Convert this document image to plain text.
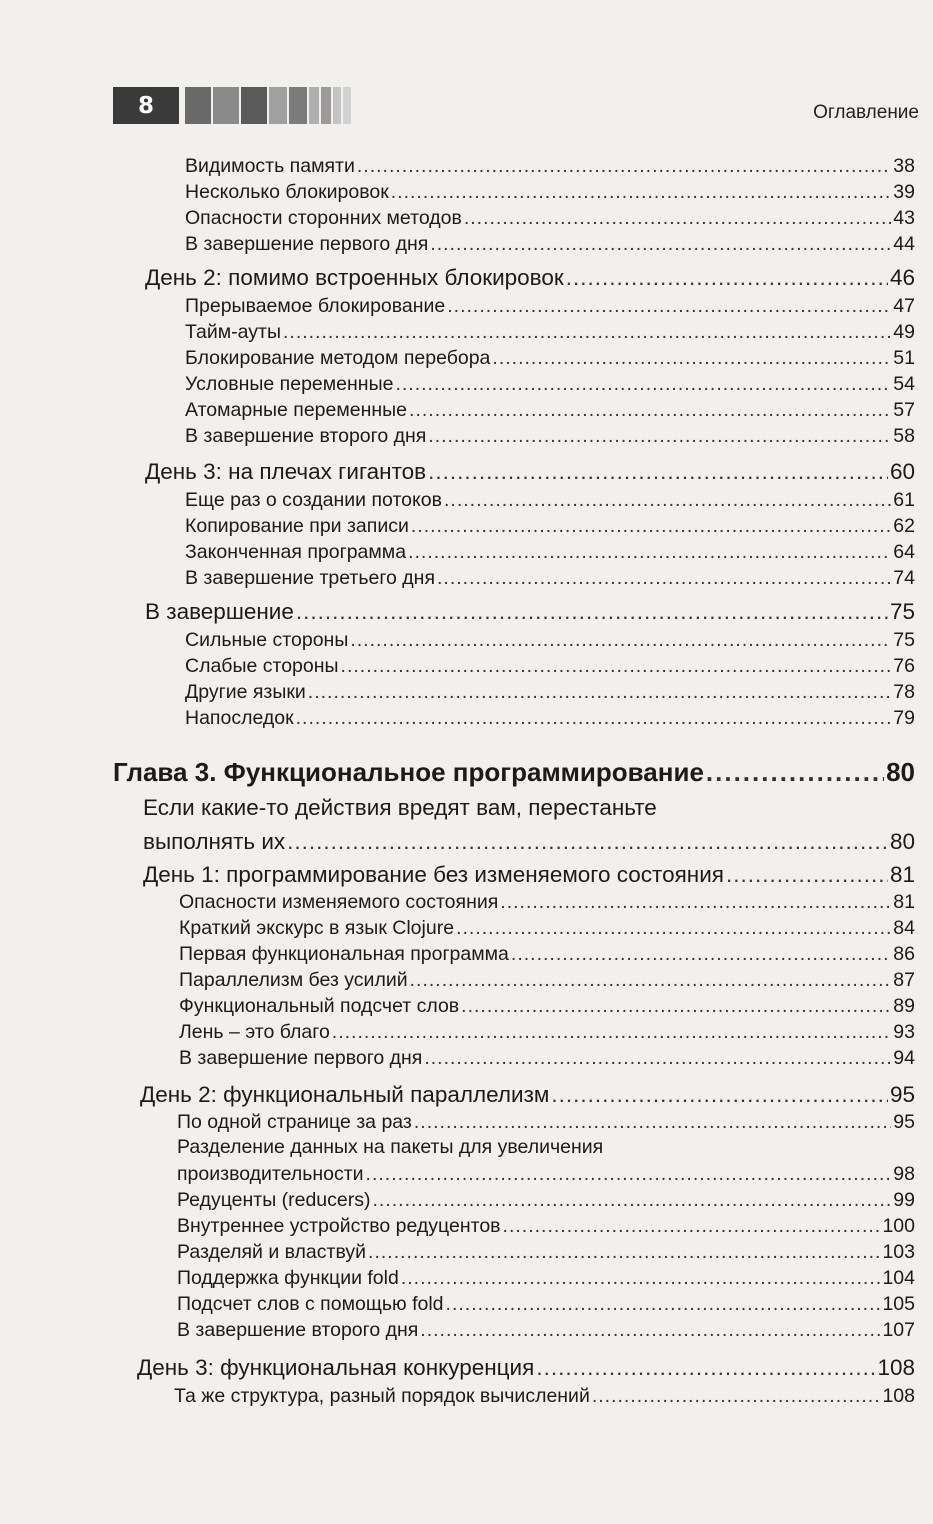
8	Оглавление
Видимость памяти .....	38
Несколько блокировок .....	39
Опасности сторонних методов .....	43
В завершение первого дня .....	44
День 2: помимо встроенных блокировок .....	46
Прерываемое блокирование .....	47
Тайм-ауты .....	49
Блокирование методом перебора .....	51
Условные переменные .....	54
Атомарные переменные .....	57
В завершение второго дня .....	58
День 3: на плечах гигантов .....	60
Еще раз о создании потоков .....	61
Копирование при записи .....	62
Законченная программа .....	64
В завершение третьего дня .....	74
В завершение .....	75
Сильные стороны .....	75
Слабые стороны .....	76
Другие языки .....	78
Напоследок .....	79
Глава 3. Функциональное программирование .....	80
Если какие-то действия вредят вам, перестаньте
выполнять их .....	80
День 1: программирование без изменяемого состояния .....	81
Опасности изменяемого состояния .....	81
Краткий экскурс в язык Clojure .....	84
Первая функциональная программа .....	86
Параллелизм без усилий .....	87
Функциональный подсчет слов .....	89
Лень – это благо .....	93
В завершение первого дня .....	94
День 2: функциональный параллелизм .....	95
По одной странице за раз .....	95
Разделение данных на пакеты для увеличения
производительности .....	98
Редуценты (reducers) .....	99
Внутреннее устройство редуцентов .....	100
Разделяй и властвуй .....	103
Поддержка функции fold .....	104
Подсчет слов с помощью fold .....	105
В завершение второго дня .....	107
День 3: функциональная конкуренция .....	108
Та же структура, разный порядок вычислений .....	108
